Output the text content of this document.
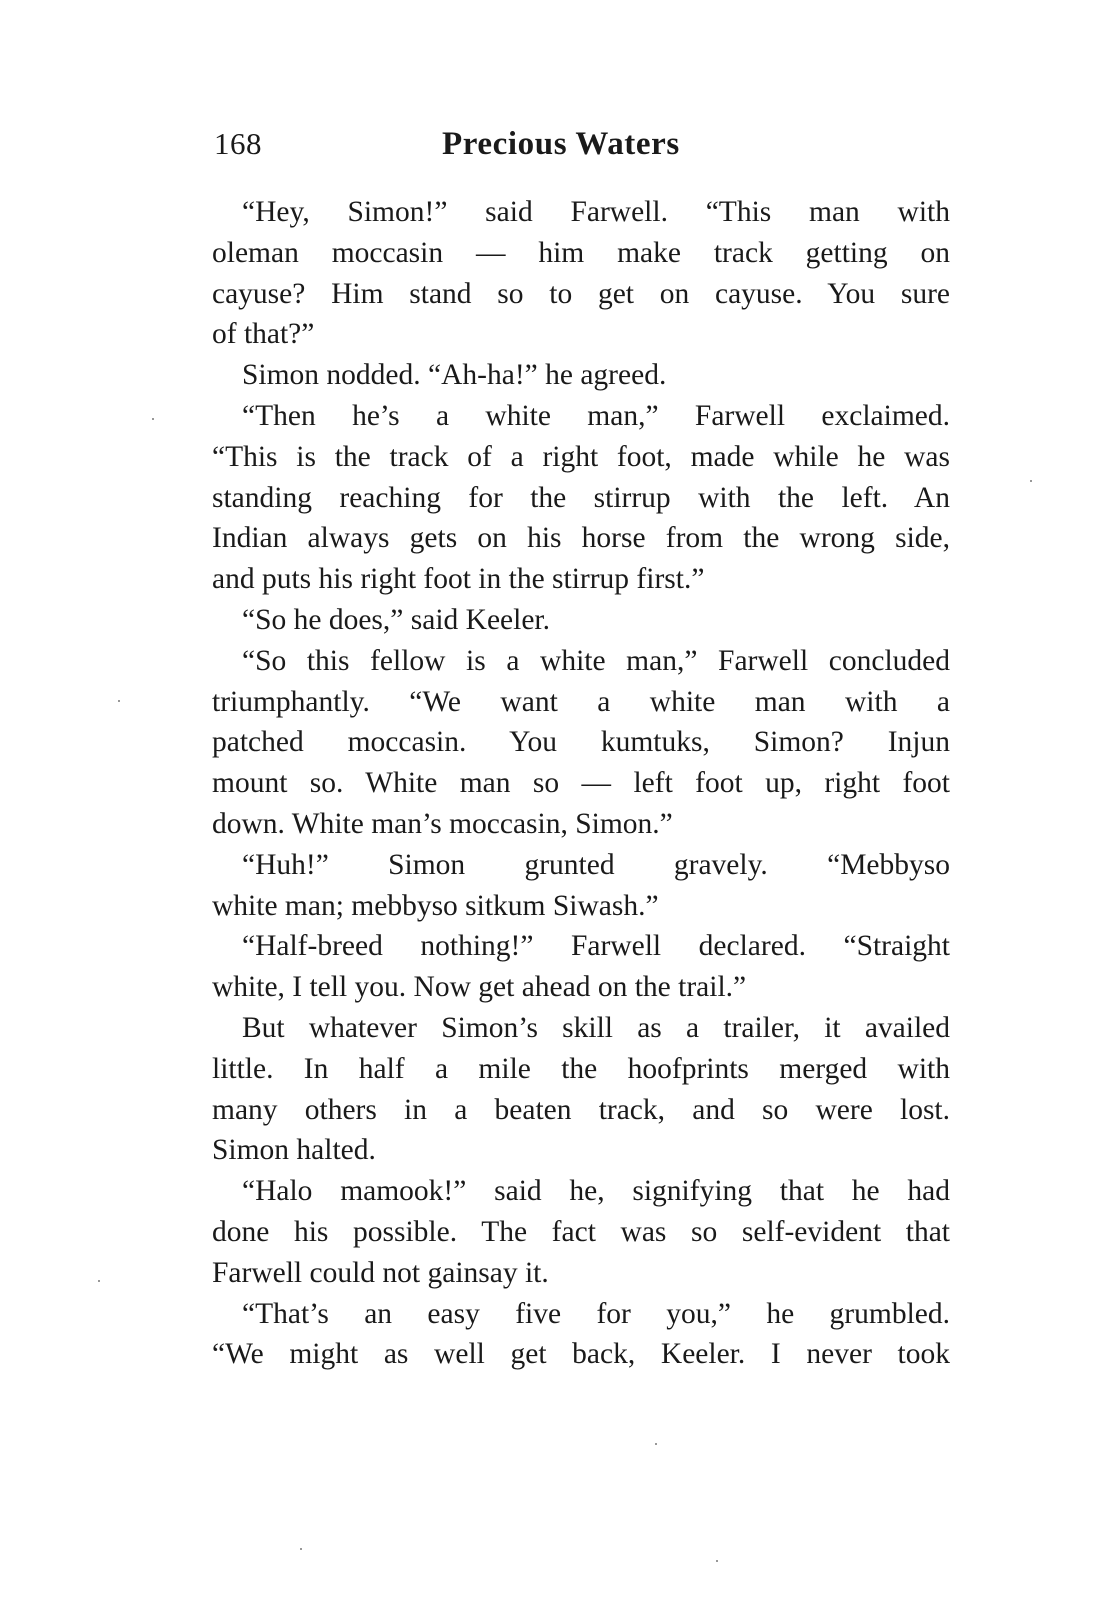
168	Precious Waters
“Hey, Simon!” said Farwell. “This man with
oleman moccasin — him make track getting on
cayuse? Him stand so to get on cayuse. You sure
of that?”
Simon nodded. “Ah-ha!” he agreed.
“Then he’s a white man,” Farwell exclaimed.
“This is the track of a right foot, made while he was
standing reaching for the stirrup with the left. An
Indian always gets on his horse from the wrong side,
and puts his right foot in the stirrup first.”
“So he does,” said Keeler.
“So this fellow is a white man,” Farwell concluded
triumphantly. “We want a white man with a
patched moccasin. You kumtuks, Simon? Injun
mount so. White man so — left foot up, right foot
down. White man’s moccasin, Simon.”
“Huh!” Simon grunted gravely. “Mebbyso
white man; mebbyso sitkum Siwash.”
“Half-breed nothing!” Farwell declared. “Straight
white, I tell you. Now get ahead on the trail.”
But whatever Simon’s skill as a trailer, it availed
little. In half a mile the hoofprints merged with
many others in a beaten track, and so were lost.
Simon halted.
“Halo mamook!” said he, signifying that he had
done his possible. The fact was so self-evident that
Farwell could not gainsay it.
“That’s an easy five for you,” he grumbled.
“We might as well get back, Keeler. I never took
